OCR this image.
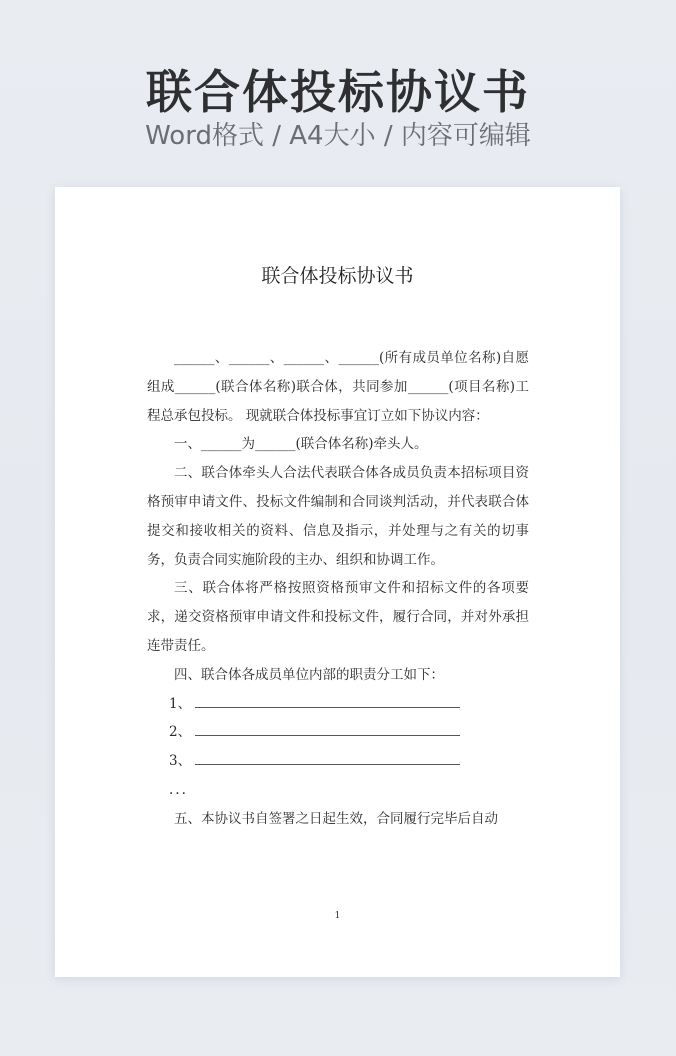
联合体投标协议书
Word格式 / A4大小 / 内容可编辑
联合体投标协议书

______、______、______、______(所有成员单位名称)自愿组成______(联合体名称)联合体，共同参加______(项目名称)工程总承包投标。 现就联合体投标事宜订立如下协议内容：

一、______为______(联合体名称)牵头人。

二、联合体牵头人合法代表联合体各成员负责本招标项目资格预审申请文件、投标文件编制和合同谈判活动，并代表联合体提交和接收相关的资料、信息及指示，并处理与之有关的切事务，负责合同实施阶段的主办、组织和协调工作。

三、联合体将严格按照资格预审文件和招标文件的各项要求，递交资格预审申请文件和投标文件，履行合同，并对外承担连带责任。

四、联合体各成员单位内部的职责分工如下：

1、
2、
3、

...

五、本协议书自签署之日起生效，合同履行完毕后自动

1
